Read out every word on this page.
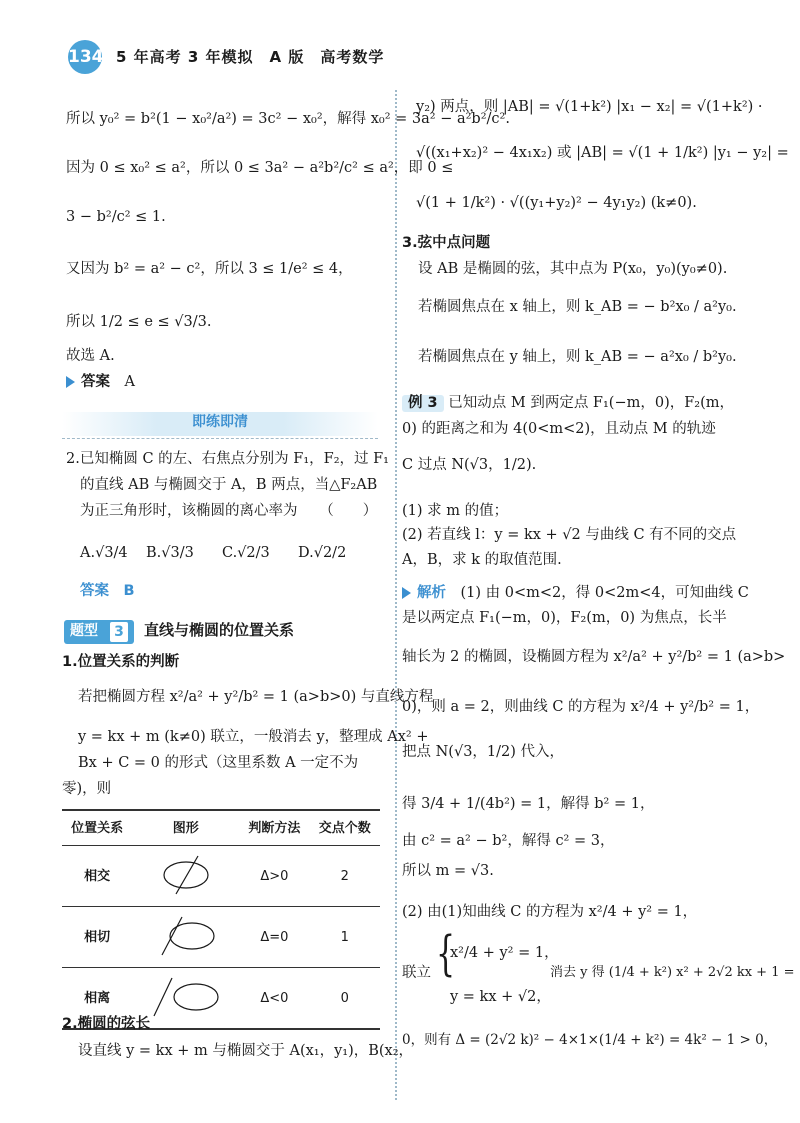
134 5 年高考 3 年模拟　A 版　高考数学
所以 y₀² = b²(1 − x₀²/a²) = 3c² − x₀²，解得 x₀² = 3a² − a²b²/c².
因为 0 ≤ x₀² ≤ a²，所以 0 ≤ 3a² − a²b²/c² ≤ a²，即 0 ≤
3 − b²/c² ≤ 1.
又因为 b² = a² − c²，所以 3 ≤ 1/e² ≤ 4，
所以 1/2 ≤ e ≤ √3/3.
故选 A.
答案　 A
即练即清
2.已知椭圆 C 的左、右焦点分别为 F₁，F₂，过 F₁
的直线 AB 与椭圆交于 A，B 两点，当△F₂AB
为正三角形时，该椭圆的离心率为　　（　　）
A.√3/4 B.√3/3 C.√2/3 D.√2/2
答案　 B
题型 3 直线与椭圆的位置关系
1.位置关系的判断
若把椭圆方程 x²/a² + y²/b² = 1 (a>b>0) 与直线方程
y = kx + m (k≠0) 联立，一般消去 y，整理成 Ax² +
Bx + C = 0 的形式（这里系数 A 一定不为
零)，则
位置关系	图形	判断方法	交点个数
相交		Δ>0	2
相切		Δ=0	1
相离		Δ<0	0
2.椭圆的弦长
设直线 y = kx + m 与椭圆交于 A(x₁，y₁)，B(x₂，
y₂) 两点，则 |AB| = √(1+k²) |x₁ − x₂| = √(1+k²) ·
√((x₁+x₂)² − 4x₁x₂) 或 |AB| = √(1 + 1/k²) |y₁ − y₂| =
√(1 + 1/k²) · √((y₁+y₂)² − 4y₁y₂) (k≠0).
3.弦中点问题
设 AB 是椭圆的弦，其中点为 P(x₀，y₀)(y₀≠0).
若椭圆焦点在 x 轴上，则 k_AB = − b²x₀ / a²y₀.
若椭圆焦点在 y 轴上，则 k_AB = − a²x₀ / b²y₀.
例 3 已知动点 M 到两定点 F₁(−m，0)，F₂(m，
0) 的距离之和为 4(0<m<2)，且动点 M 的轨迹
C 过点 N(√3，1/2).
(1) 求 m 的值；
(2) 若直线 l：y = kx + √2 与曲线 C 有不同的交点
A，B，求 k 的取值范围.
解析　 (1) 由 0<m<2，得 0<2m<4，可知曲线 C
是以两定点 F₁(−m，0)，F₂(m，0) 为焦点，长半
轴长为 2 的椭圆，设椭圆方程为 x²/a² + y²/b² = 1 (a>b>
0)，则 a = 2，则曲线 C 的方程为 x²/4 + y²/b² = 1，
把点 N(√3，1/2) 代入，
得 3/4 + 1/(4b²) = 1，解得 b² = 1，
由 c² = a² − b²，解得 c² = 3，
所以 m = √3.
(2) 由(1)知曲线 C 的方程为 x²/4 + y² = 1，
联立 {
x²/4 + y² = 1，
y = kx + √2，
消去 y 得 (1/4 + k²) x² + 2√2 kx + 1 =
0，则有 Δ = (2√2 k)² − 4×1×(1/4 + k²) = 4k² − 1 > 0，
